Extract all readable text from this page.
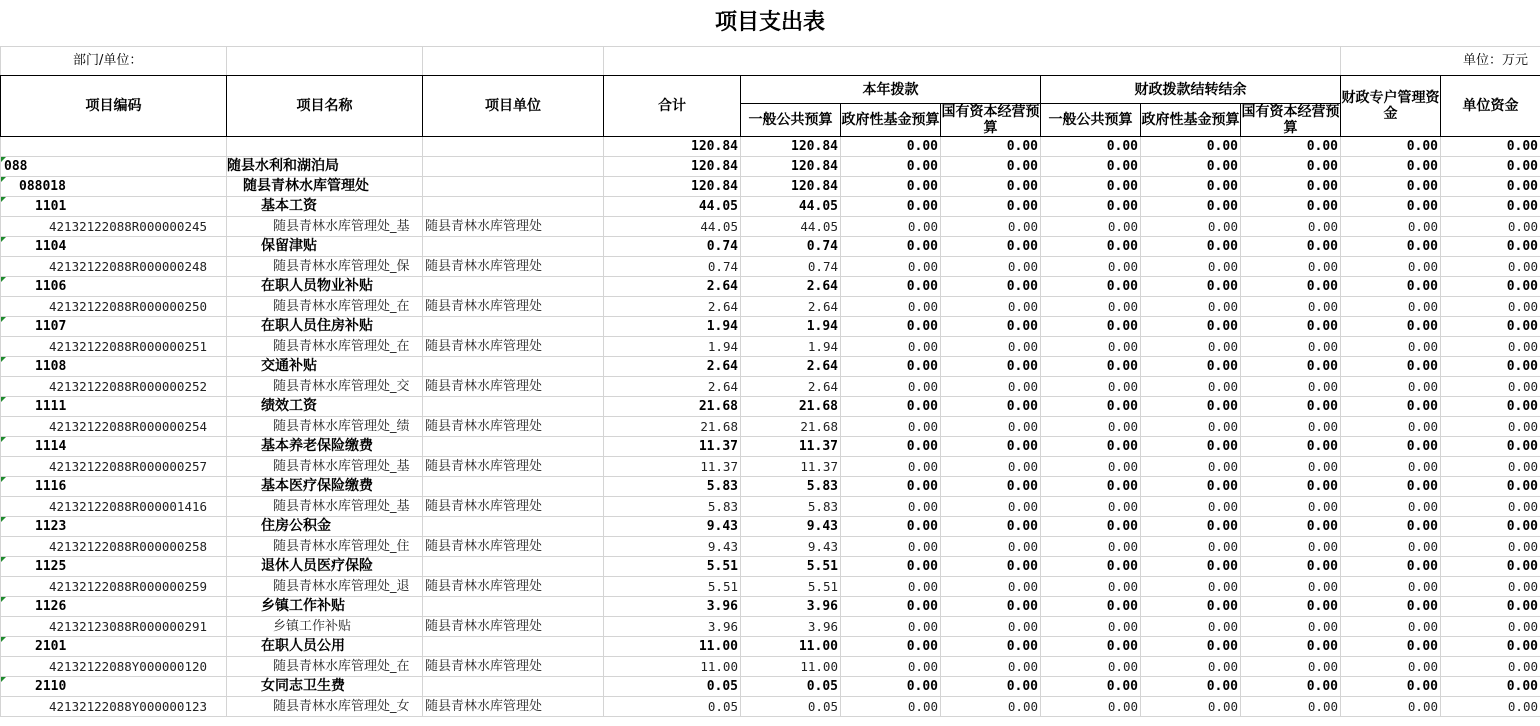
项目支出表
部门/单位：										单位：万元	
项目编码	项目名称	项目单位	合计	本年拨款			财政拨款结转结余			财政专户管理资金	单位资金
				一般公共预算	政府性基金预算	国有资本经营预算	一般公共预算	政府性基金预算	国有资本经营预算		
			120.84	120.84	0.00	0.00	0.00	0.00	0.00	0.00	0.00

088	随县水利和湖泊局		120.84	120.84	0.00	0.00	0.00	0.00	0.00	0.00	0.00

088018	随县青林水库管理处		120.84	120.84	0.00	0.00	0.00	0.00	0.00	0.00	0.00

1101	基本工资		44.05	44.05	0.00	0.00	0.00	0.00	0.00	0.00	0.00
42132122088R000000245	随县青林水库管理处_基	随县青林水库管理处	44.05	44.05	0.00	0.00	0.00	0.00	0.00	0.00	0.00

1104	保留津贴		0.74	0.74	0.00	0.00	0.00	0.00	0.00	0.00	0.00
42132122088R000000248	随县青林水库管理处_保	随县青林水库管理处	0.74	0.74	0.00	0.00	0.00	0.00	0.00	0.00	0.00

1106	在职人员物业补贴		2.64	2.64	0.00	0.00	0.00	0.00	0.00	0.00	0.00
42132122088R000000250	随县青林水库管理处_在	随县青林水库管理处	2.64	2.64	0.00	0.00	0.00	0.00	0.00	0.00	0.00

1107	在职人员住房补贴		1.94	1.94	0.00	0.00	0.00	0.00	0.00	0.00	0.00
42132122088R000000251	随县青林水库管理处_在	随县青林水库管理处	1.94	1.94	0.00	0.00	0.00	0.00	0.00	0.00	0.00

1108	交通补贴		2.64	2.64	0.00	0.00	0.00	0.00	0.00	0.00	0.00
42132122088R000000252	随县青林水库管理处_交	随县青林水库管理处	2.64	2.64	0.00	0.00	0.00	0.00	0.00	0.00	0.00

1111	绩效工资		21.68	21.68	0.00	0.00	0.00	0.00	0.00	0.00	0.00
42132122088R000000254	随县青林水库管理处_绩	随县青林水库管理处	21.68	21.68	0.00	0.00	0.00	0.00	0.00	0.00	0.00

1114	基本养老保险缴费		11.37	11.37	0.00	0.00	0.00	0.00	0.00	0.00	0.00
42132122088R000000257	随县青林水库管理处_基	随县青林水库管理处	11.37	11.37	0.00	0.00	0.00	0.00	0.00	0.00	0.00

1116	基本医疗保险缴费		5.83	5.83	0.00	0.00	0.00	0.00	0.00	0.00	0.00
42132122088R000001416	随县青林水库管理处_基	随县青林水库管理处	5.83	5.83	0.00	0.00	0.00	0.00	0.00	0.00	0.00

1123	住房公积金		9.43	9.43	0.00	0.00	0.00	0.00	0.00	0.00	0.00
42132122088R000000258	随县青林水库管理处_住	随县青林水库管理处	9.43	9.43	0.00	0.00	0.00	0.00	0.00	0.00	0.00

1125	退休人员医疗保险		5.51	5.51	0.00	0.00	0.00	0.00	0.00	0.00	0.00
42132122088R000000259	随县青林水库管理处_退	随县青林水库管理处	5.51	5.51	0.00	0.00	0.00	0.00	0.00	0.00	0.00

1126	乡镇工作补贴		3.96	3.96	0.00	0.00	0.00	0.00	0.00	0.00	0.00
42132123088R000000291	乡镇工作补贴	随县青林水库管理处	3.96	3.96	0.00	0.00	0.00	0.00	0.00	0.00	0.00

2101	在职人员公用		11.00	11.00	0.00	0.00	0.00	0.00	0.00	0.00	0.00
42132122088Y000000120	随县青林水库管理处_在	随县青林水库管理处	11.00	11.00	0.00	0.00	0.00	0.00	0.00	0.00	0.00

2110	女同志卫生费		0.05	0.05	0.00	0.00	0.00	0.00	0.00	0.00	0.00
42132122088Y000000123	随县青林水库管理处_女	随县青林水库管理处	0.05	0.05	0.00	0.00	0.00	0.00	0.00	0.00	0.00
